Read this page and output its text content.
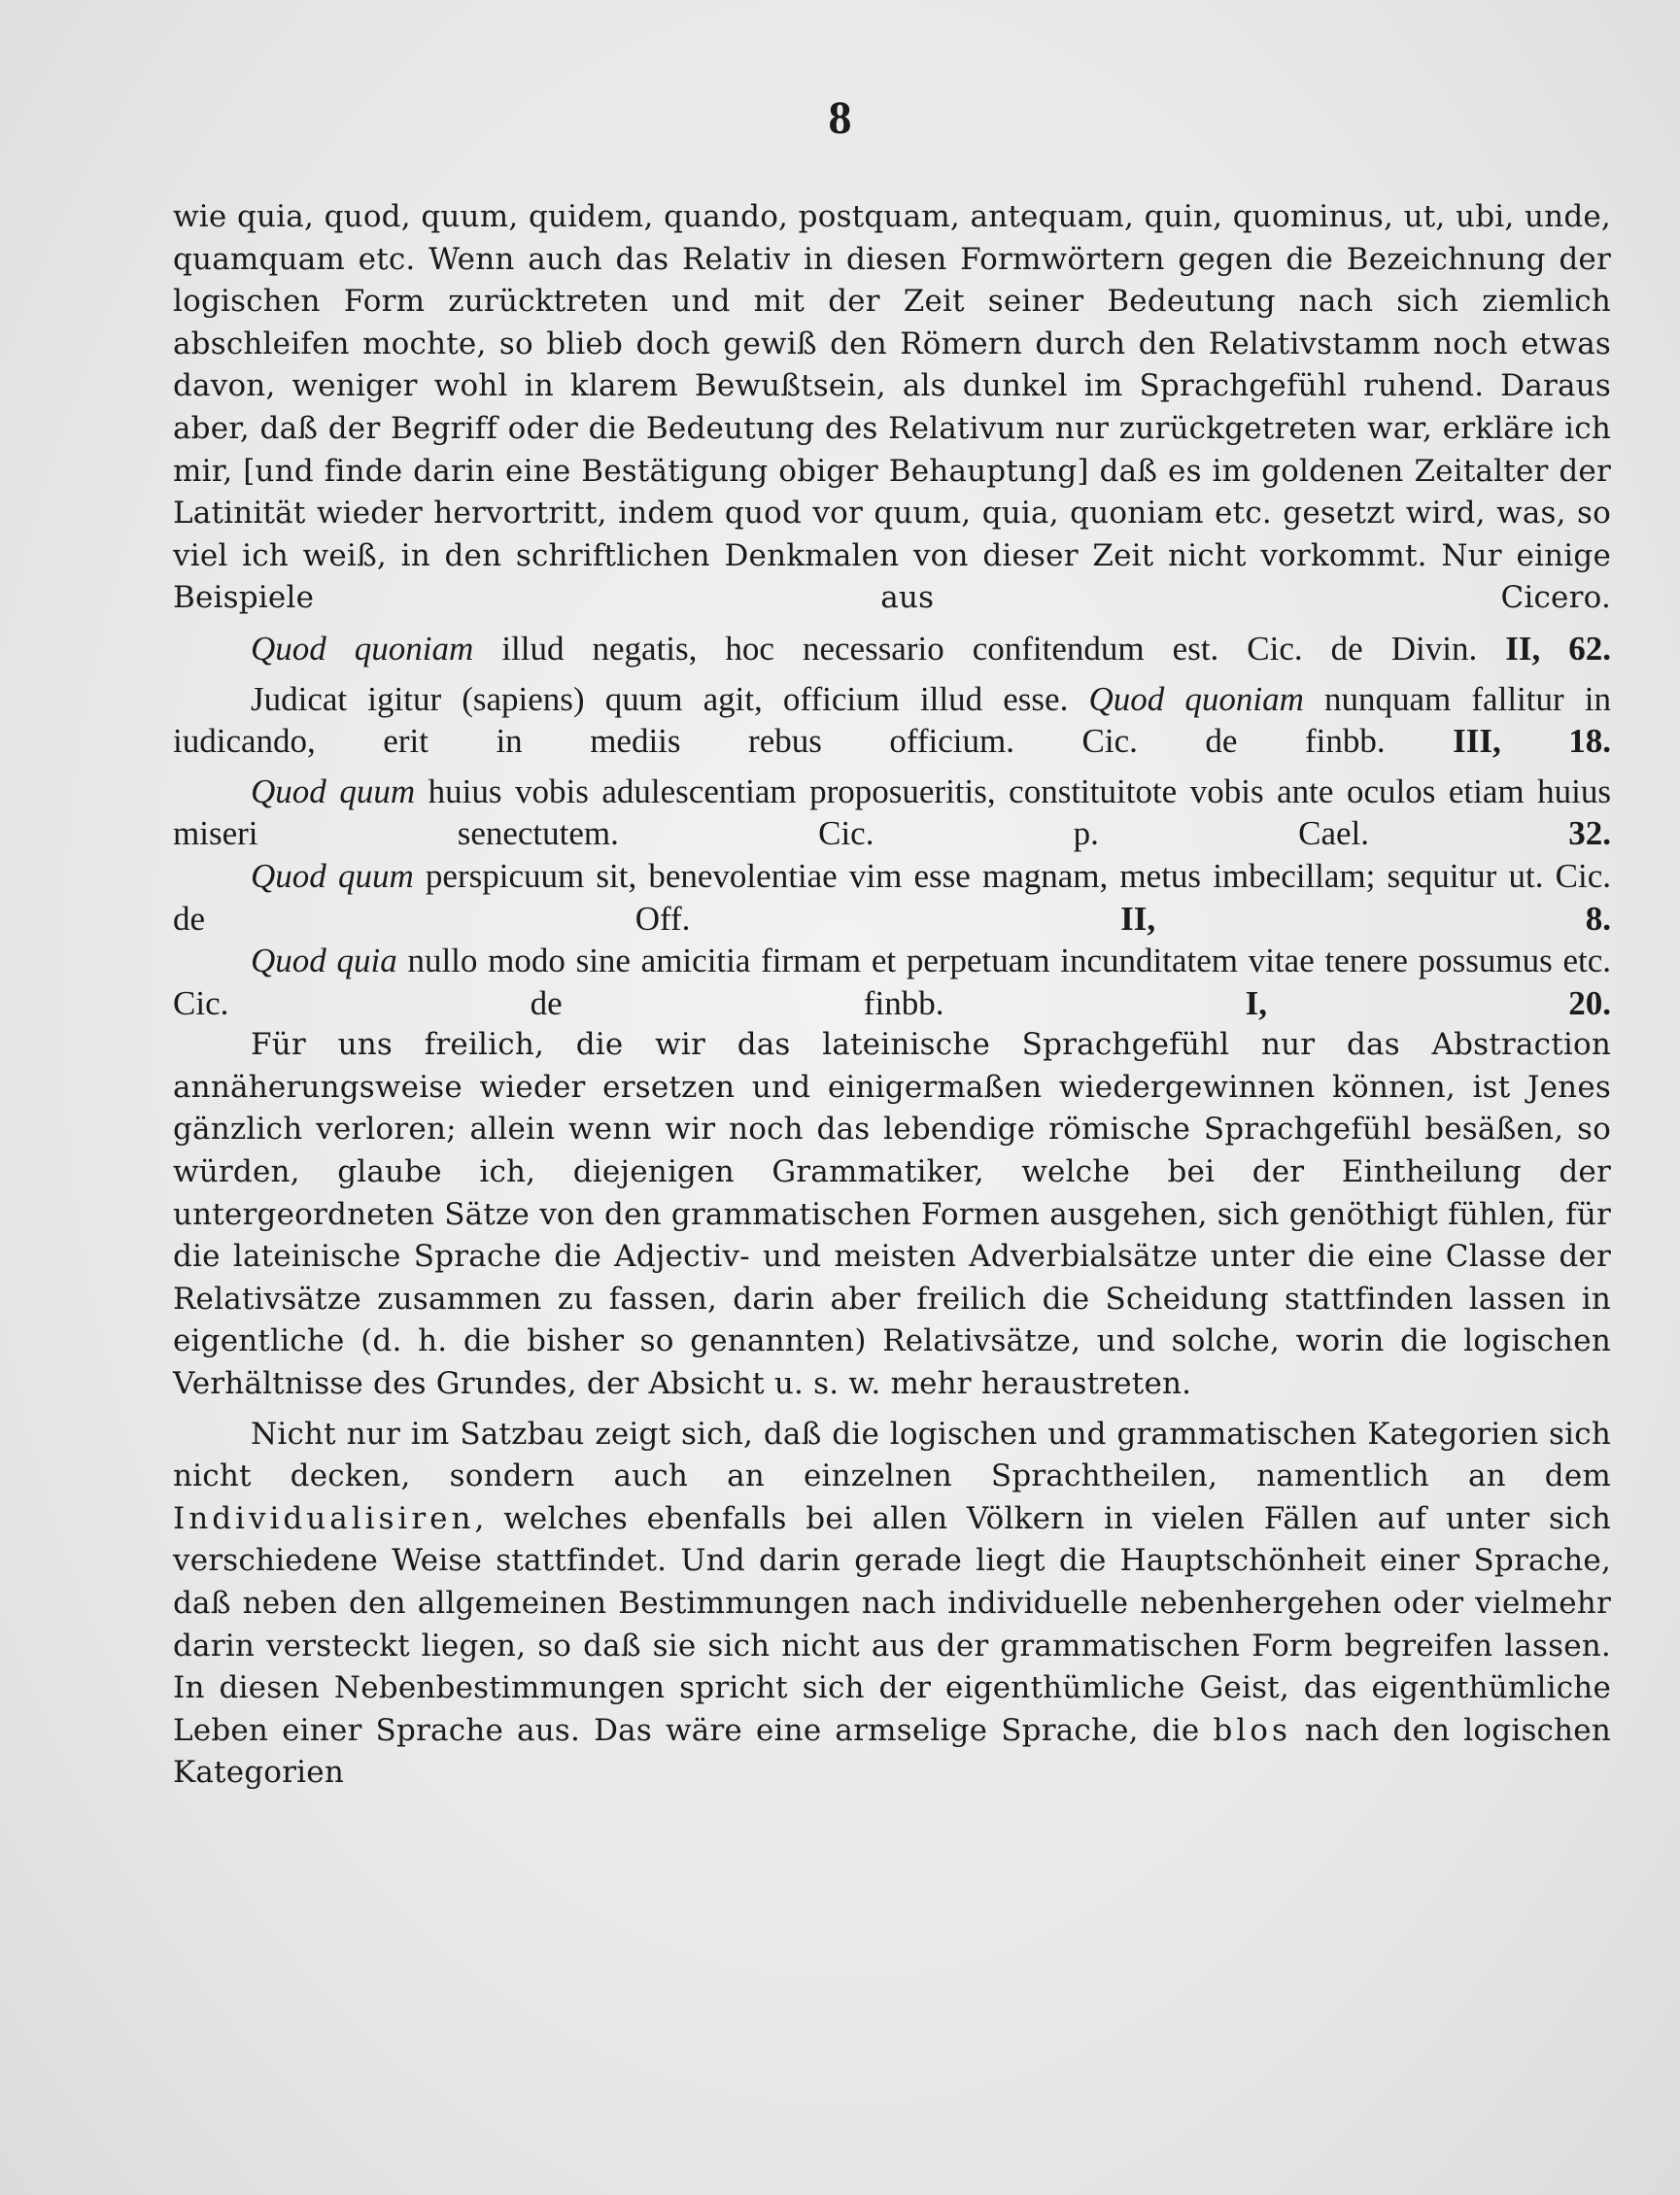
8

wie quia, quod, quum, quidem, quando, postquam, antequam, quin, quominus, ut, ubi, unde, quamquam etc. Wenn auch das Relativ in diesen Formwörtern gegen die Bezeichnung der logischen Form zurücktreten und mit der Zeit seiner Bedeutung nach sich ziemlich abschleifen mochte, so blieb doch gewiß den Römern durch den Relativstamm noch etwas davon, weniger wohl in klarem Bewußtsein, als dunkel im Sprachgefühl ruhend. Daraus aber, daß der Begriff oder die Bedeutung des Relativum nur zurückgetreten war, erkläre ich mir, [und finde darin eine Bestätigung obiger Behauptung] daß es im goldenen Zeitalter der Latinität wieder hervortritt, indem quod vor quum, quia, quoniam etc. gesetzt wird, was, so viel ich weiß, in den schriftlichen Denkmalen von dieser Zeit nicht vorkommt. Nur einige Beispiele aus Cicero.

Quod quoniam illud negatis, hoc necessario confitendum est. Cic. de Divin. II, 62.

Judicat igitur (sapiens) quum agit, officium illud esse. Quod quoniam nunquam fallitur in iudicando, erit in mediis rebus officium. Cic. de finbb. III, 18.

Quod quum huius vobis adulescentiam proposueritis, constituitote vobis ante oculos etiam huius miseri senectutem. Cic. p. Cael. 32.

Quod quum perspicuum sit, benevolentiae vim esse magnam, metus imbecillam; sequitur ut. Cic. de Off. II, 8.

Quod quia nullo modo sine amicitia firmam et perpetuam incunditatem vitae tenere possumus etc. Cic. de finbb. I, 20.

Für uns freilich, die wir das lateinische Sprachgefühl nur das Abstraction annäherungsweise wieder ersetzen und einigermaßen wiedergewinnen können, ist Jenes gänzlich verloren; allein wenn wir noch das lebendige römische Sprachgefühl besäßen, so würden, glaube ich, diejenigen Grammatiker, welche bei der Eintheilung der untergeordneten Sätze von den grammatischen Formen ausgehen, sich genöthigt fühlen, für die lateinische Sprache die Adjectiv- und meisten Adverbialsätze unter die eine Classe der Relativsätze zusammen zu fassen, darin aber freilich die Scheidung stattfinden lassen in eigentliche (d. h. die bisher so genannten) Relativsätze, und solche, worin die logischen Verhältnisse des Grundes, der Absicht u. s. w. mehr heraustreten.

Nicht nur im Satzbau zeigt sich, daß die logischen und grammatischen Kategorien sich nicht decken, sondern auch an einzelnen Sprachtheilen, namentlich an dem Individualisiren, welches ebenfalls bei allen Völkern in vielen Fällen auf unter sich verschiedene Weise stattfindet. Und darin gerade liegt die Hauptschönheit einer Sprache, daß neben den allgemeinen Bestimmungen nach individuelle nebenhergehen oder vielmehr darin versteckt liegen, so daß sie sich nicht aus der grammatischen Form begreifen lassen. In diesen Nebenbestimmungen spricht sich der eigenthümliche Geist, das eigenthümliche Leben einer Sprache aus. Das wäre eine armselige Sprache, die blos nach den logischen Kategorien
